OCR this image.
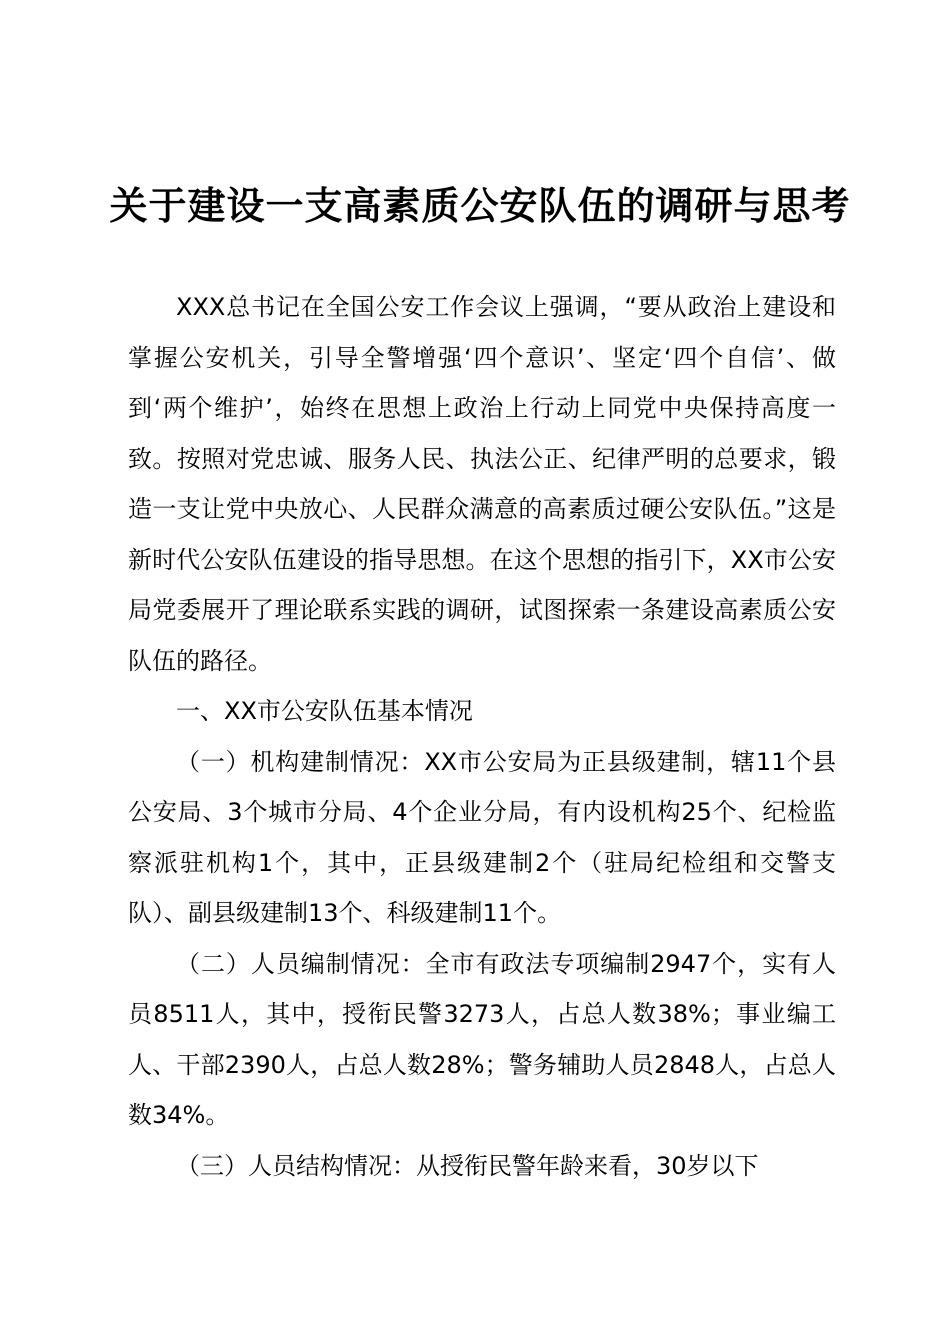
关于建设一支高素质公安队伍的调研与思考

XXX总书记在全国公安工作会议上强调，“要从政治上建设和掌握公安机关，引导全警增强‘四个意识’、坚定‘四个自信’、做到‘两个维护’，始终在思想上政治上行动上同党中央保持高度一致。按照对党忠诚、服务人民、执法公正、纪律严明的总要求，锻造一支让党中央放心、人民群众满意的高素质过硬公安队伍。”这是新时代公安队伍建设的指导思想。在这个思想的指引下，XX市公安局党委展开了理论联系实践的调研，试图探索一条建设高素质公安队伍的路径。

一、XX市公安队伍基本情况

（一）机构建制情况：XX市公安局为正县级建制，辖11个县公安局、3个城市分局、4个企业分局，有内设机构25个、纪检监察派驻机构1个，其中，正县级建制2个（驻局纪检组和交警支队）、副县级建制13个、科级建制11个。

（二）人员编制情况：全市有政法专项编制2947个，实有人员8511人，其中，授衔民警3273人，占总人数38%；事业编工人、干部2390人，占总人数28%；警务辅助人员2848人，占总人数34%。

（三）人员结构情况：从授衔民警年龄来看，30岁以下
